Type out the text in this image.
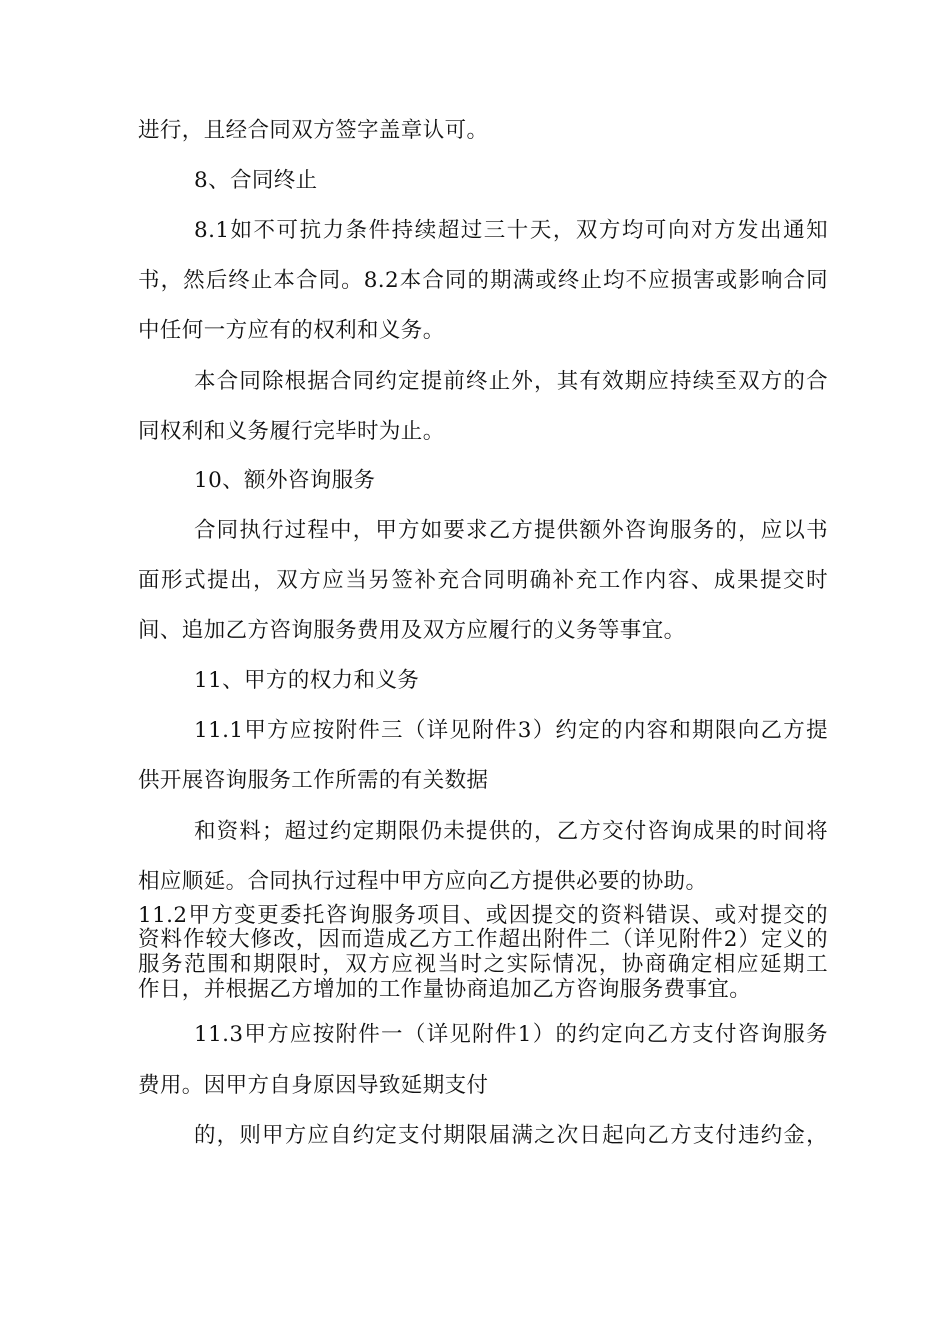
进行，且经合同双方签字盖章认可。
8、合同终止
8.1如不可抗力条件持续超过三十天，双方均可向对方发出通知
书，然后终止本合同。8.2本合同的期满或终止均不应损害或影响合同
中任何一方应有的权利和义务。
本合同除根据合同约定提前终止外，其有效期应持续至双方的合
同权利和义务履行完毕时为止。
10、额外咨询服务
合同执行过程中，甲方如要求乙方提供额外咨询服务的，应以书
面形式提出，双方应当另签补充合同明确补充工作内容、成果提交时
间、追加乙方咨询服务费用及双方应履行的义务等事宜。
11、甲方的权力和义务
11.1甲方应按附件三（详见附件3）约定的内容和期限向乙方提
供开展咨询服务工作所需的有关数据
和资料；超过约定期限仍未提供的，乙方交付咨询成果的时间将
相应顺延。合同执行过程中甲方应向乙方提供必要的协助。
11.2甲方变更委托咨询服务项目、或因提交的资料错误、或对提交的
资料作较大修改，因而造成乙方工作超出附件二（详见附件2）定义的
服务范围和期限时，双方应视当时之实际情况，协商确定相应延期工
作日，并根据乙方增加的工作量协商追加乙方咨询服务费事宜。
11.3甲方应按附件一（详见附件1）的约定向乙方支付咨询服务
费用。因甲方自身原因导致延期支付
的，则甲方应自约定支付期限届满之次日起向乙方支付违约金，
